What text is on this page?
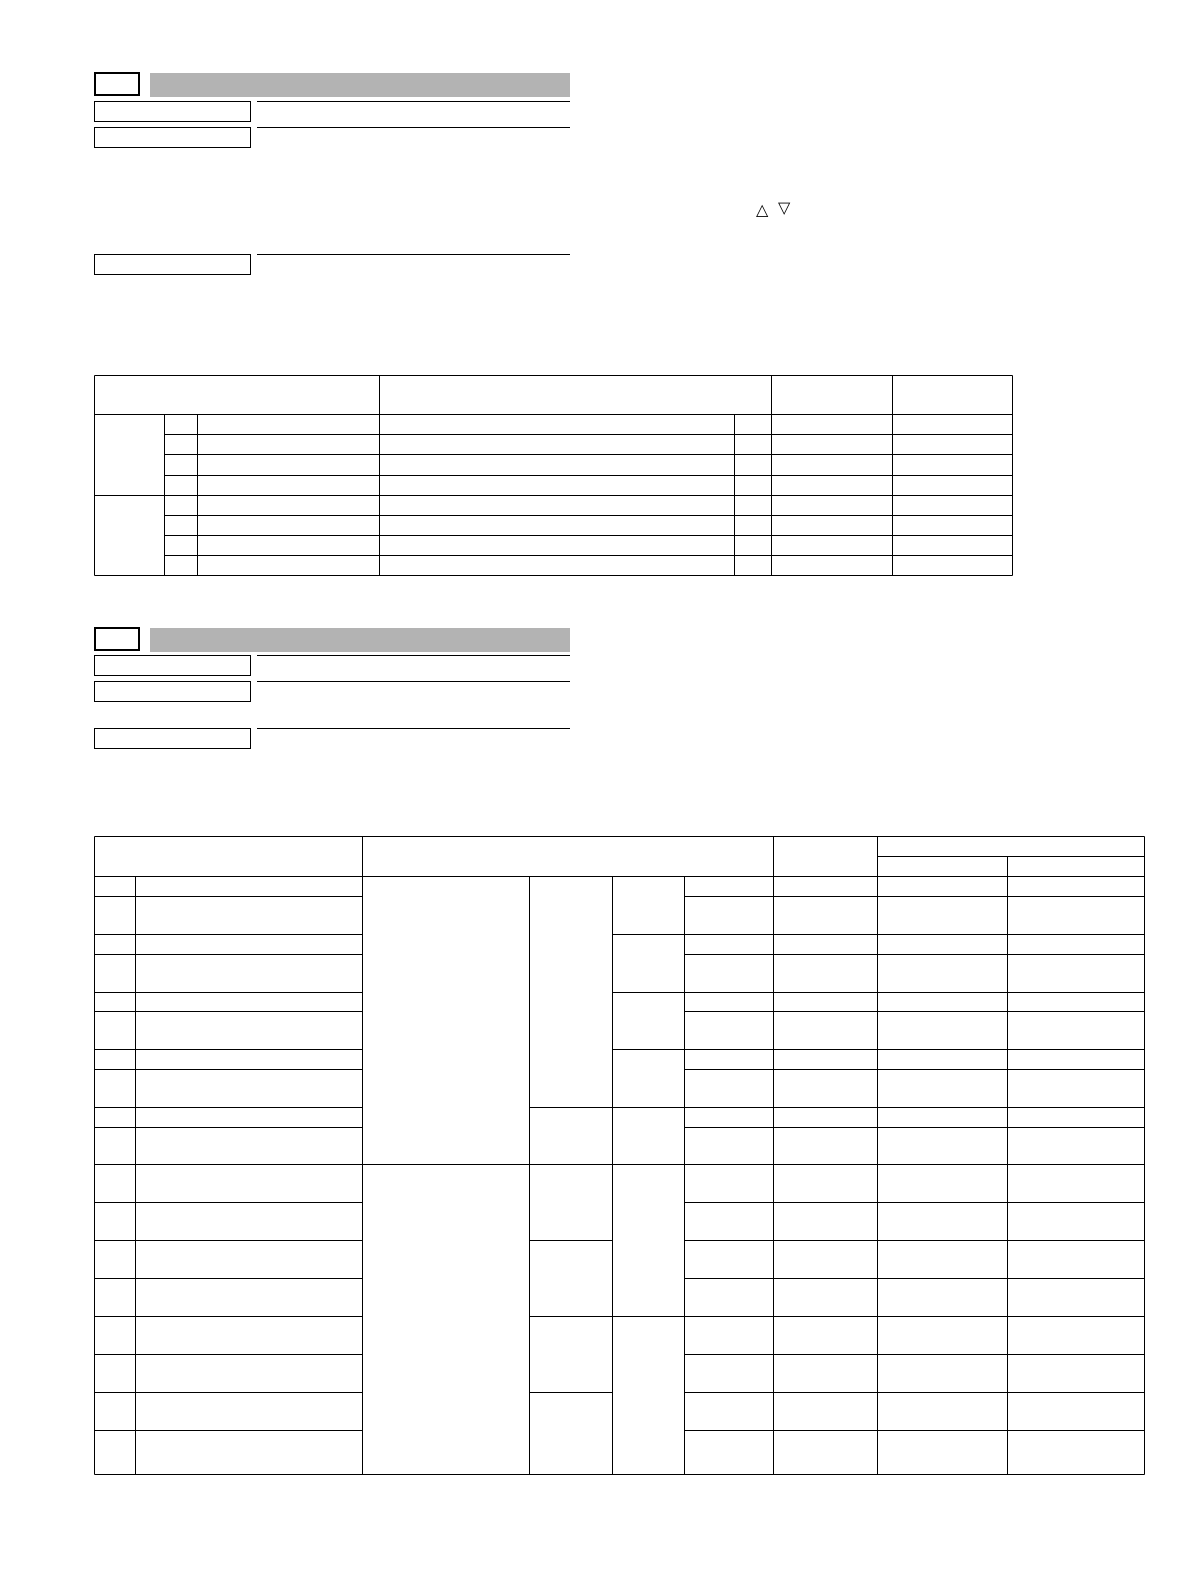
△ ▽
